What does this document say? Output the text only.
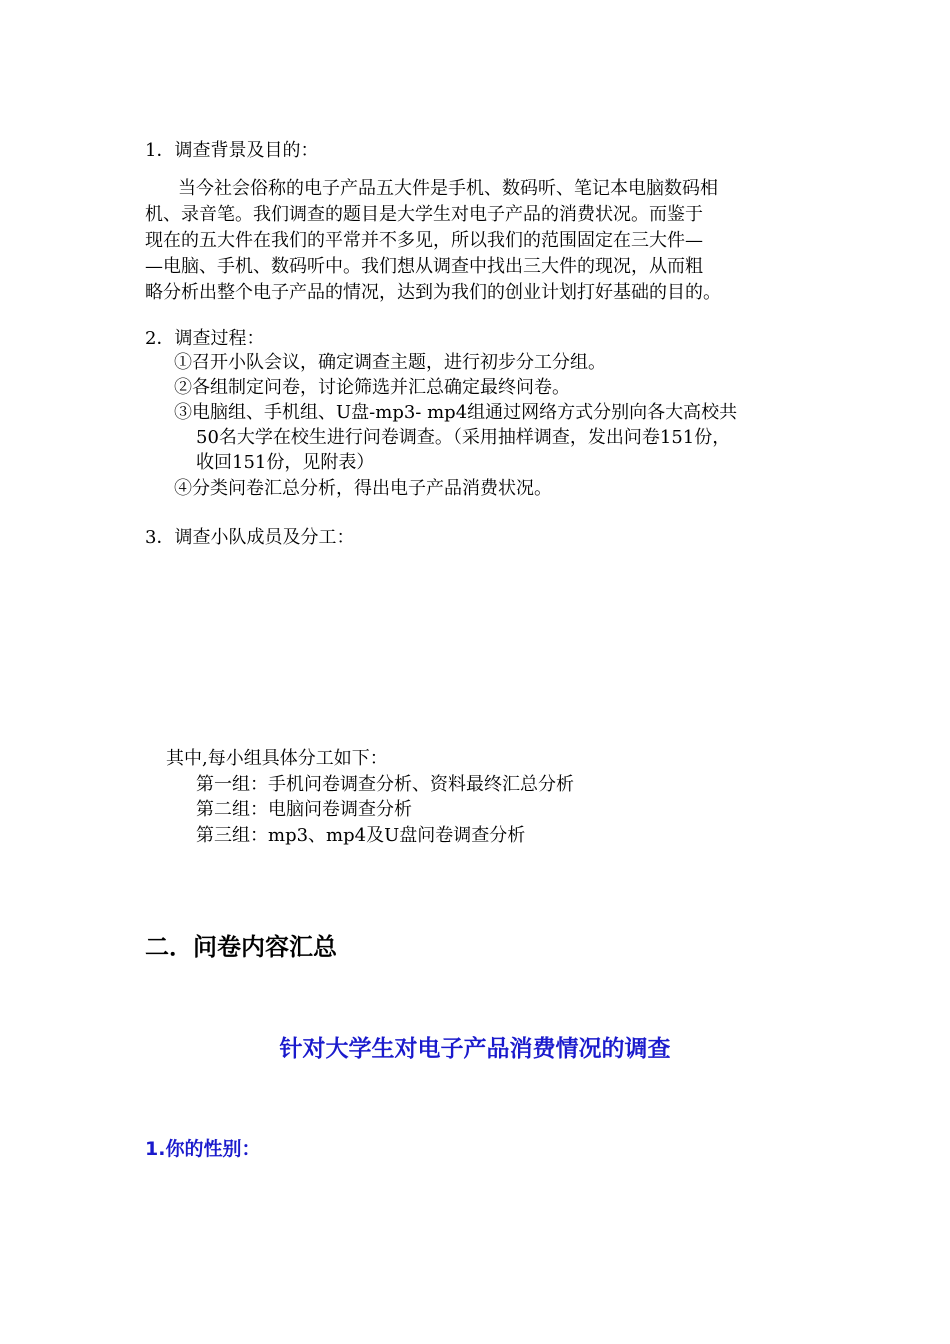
1．调查背景及目的：
当今社会俗称的电子产品五大件是手机、数码听、笔记本电脑数码相
机、录音笔。我们调查的题目是大学生对电子产品的消费状况。而鉴于
现在的五大件在我们的平常并不多见，所以我们的范围固定在三大件—
—电脑、手机、数码听中。我们想从调查中找出三大件的现况，从而粗
略分析出整个电子产品的情况，达到为我们的创业计划打好基础的目的。
2．调查过程：
①召开小队会议，确定调查主题，进行初步分工分组。
②各组制定问卷，讨论筛选并汇总确定最终问卷。
③电脑组、手机组、U盘-mp3- mp4组通过网络方式分别向各大高校共
50名大学在校生进行问卷调查。（采用抽样调查，发出问卷151份，
收回151份，见附表）
④分类问卷汇总分析，得出电子产品消费状况。
3．调查小队成员及分工：
其中,每小组具体分工如下：
第一组：手机问卷调查分析、资料最终汇总分析
第二组：电脑问卷调查分析
第三组：mp3、mp4及U盘问卷调查分析
二．问卷内容汇总
针对大学生对电子产品消费情况的调查
1.你的性别：
